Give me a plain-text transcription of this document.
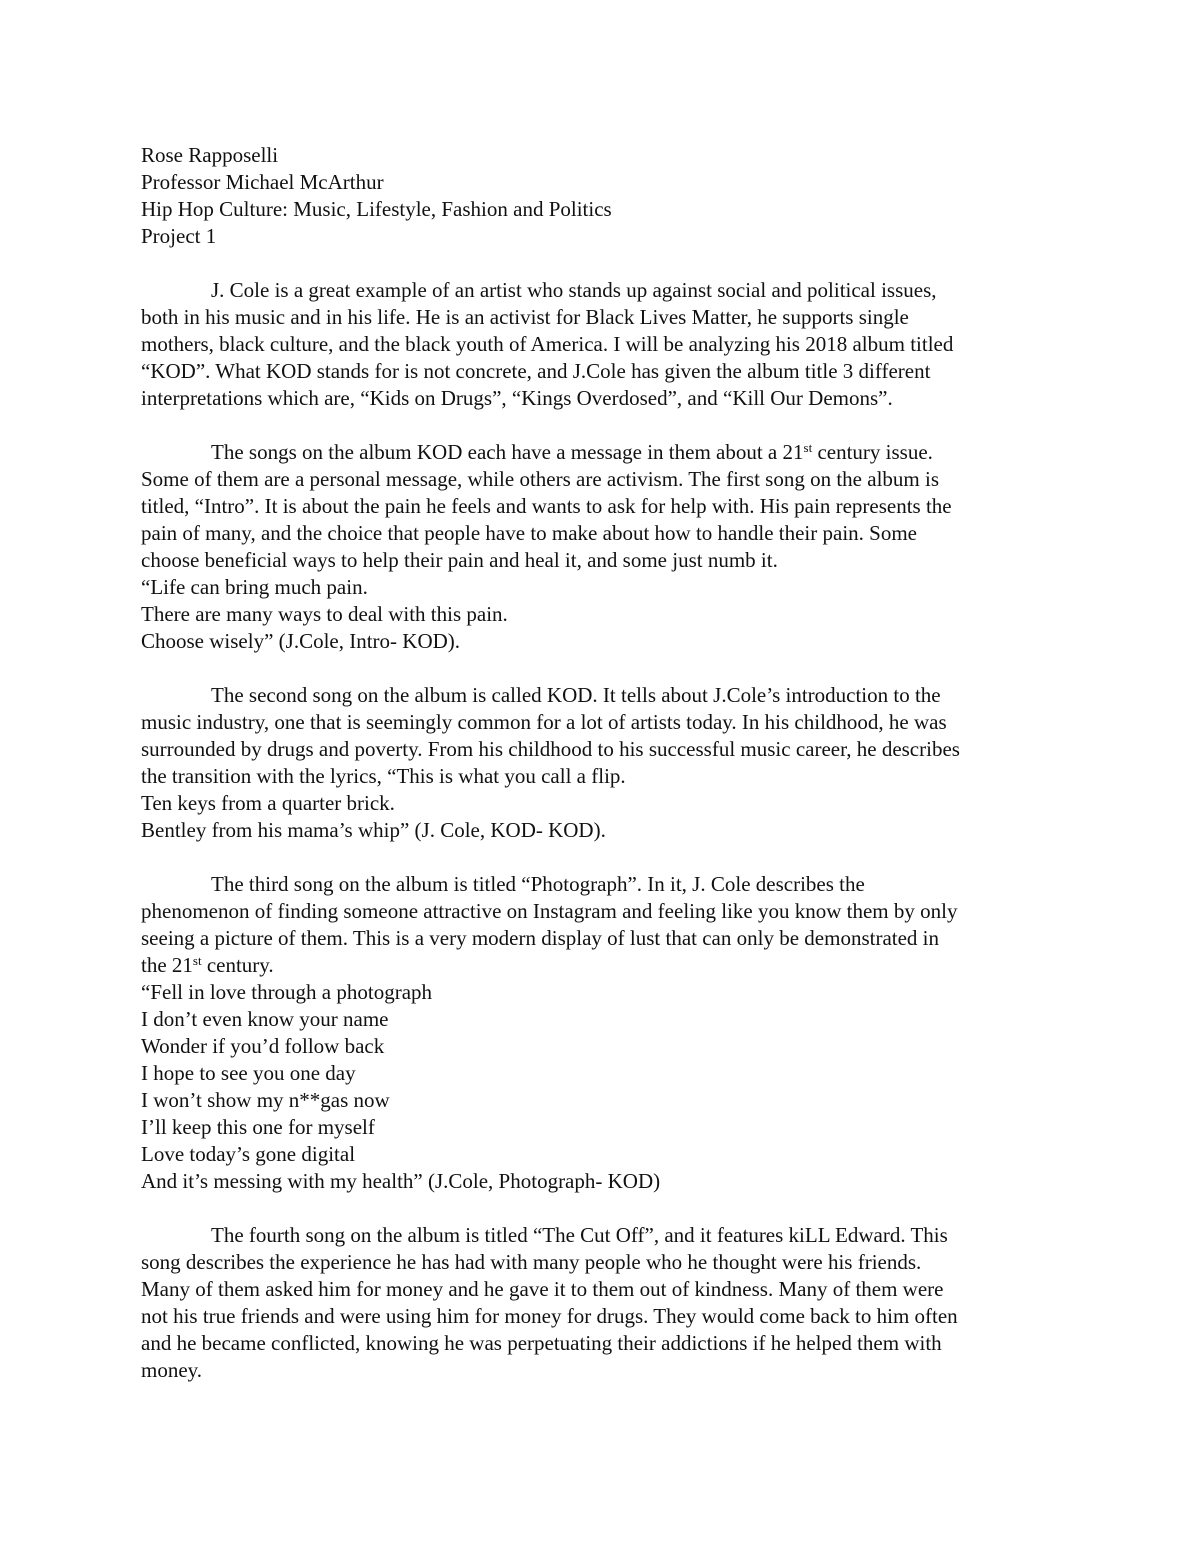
Rose Rapposelli
Professor Michael McArthur
Hip Hop Culture: Music, Lifestyle, Fashion and Politics
Project 1
J. Cole is a great example of an artist who stands up against social and political issues,
both in his music and in his life. He is an activist for Black Lives Matter, he supports single
mothers, black culture, and the black youth of America. I will be analyzing his 2018 album titled
“KOD”. What KOD stands for is not concrete, and J.Cole has given the album title 3 different
interpretations which are, “Kids on Drugs”, “Kings Overdosed”, and “Kill Our Demons”.
The songs on the album KOD each have a message in them about a 21st century issue.
Some of them are a personal message, while others are activism. The first song on the album is
titled, “Intro”. It is about the pain he feels and wants to ask for help with. His pain represents the
pain of many, and the choice that people have to make about how to handle their pain. Some
choose beneficial ways to help their pain and heal it, and some just numb it.
“Life can bring much pain.
There are many ways to deal with this pain.
Choose wisely” (J.Cole, Intro- KOD).
The second song on the album is called KOD. It tells about J.Cole’s introduction to the
music industry, one that is seemingly common for a lot of artists today. In his childhood, he was
surrounded by drugs and poverty. From his childhood to his successful music career, he describes
the transition with the lyrics, “This is what you call a flip.
Ten keys from a quarter brick.
Bentley from his mama’s whip” (J. Cole, KOD- KOD).
The third song on the album is titled “Photograph”. In it, J. Cole describes the
phenomenon of finding someone attractive on Instagram and feeling like you know them by only
seeing a picture of them. This is a very modern display of lust that can only be demonstrated in
the 21st century.
“Fell in love through a photograph
I don’t even know your name
Wonder if you’d follow back
I hope to see you one day
I won’t show my n**gas now
I’ll keep this one for myself
Love today’s gone digital
And it’s messing with my health” (J.Cole, Photograph- KOD)
The fourth song on the album is titled “The Cut Off”, and it features kiLL Edward. This
song describes the experience he has had with many people who he thought were his friends.
Many of them asked him for money and he gave it to them out of kindness. Many of them were
not his true friends and were using him for money for drugs. They would come back to him often
and he became conflicted, knowing he was perpetuating their addictions if he helped them with
money.
